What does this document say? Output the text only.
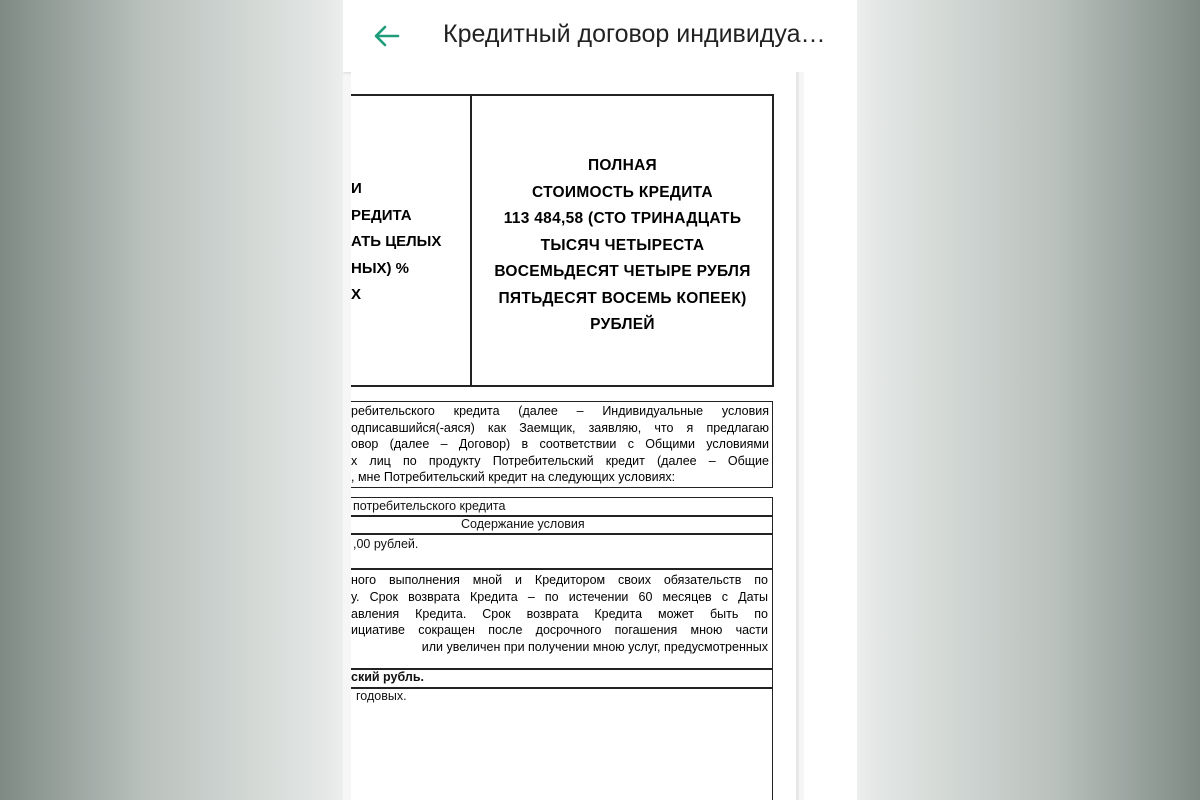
Кредитный договор индивидуа…
И
РЕДИТА
АТЬ ЦЕЛЫХ
НЫХ) %
Х
ПОЛНАЯ
СТОИМОСТЬ КРЕДИТА
113 484,58 (СТО ТРИНАДЦАТЬ
ТЫСЯЧ ЧЕТЫРЕСТА
ВОСЕМЬДЕСЯТ ЧЕТЫРЕ РУБЛЯ
ПЯТЬДЕСЯТ ВОСЕМЬ КОПЕЕК)
РУБЛЕЙ
ребительского кредита (далее – Индивидуальные условия
одписавшийся(-аяся) как Заемщик, заявляю, что я предлагаю
овор (далее – Договор) в соответствии с Общими условиями
х лиц по продукту Потребительский кредит (далее – Общие
, мне Потребительский кредит на следующих условиях:
потребительского кредита
Содержание условия
,00 рублей.
ного выполнения мной и Кредитором своих обязательств по
у. Срок возврата Кредита – по истечении 60 месяцев с Даты
авления Кредита. Срок возврата Кредита может быть по
ициативе сокращен после досрочного погашения мною части
или увеличен при получении мною услуг, предусмотренных
ский рубль.
годовых.
